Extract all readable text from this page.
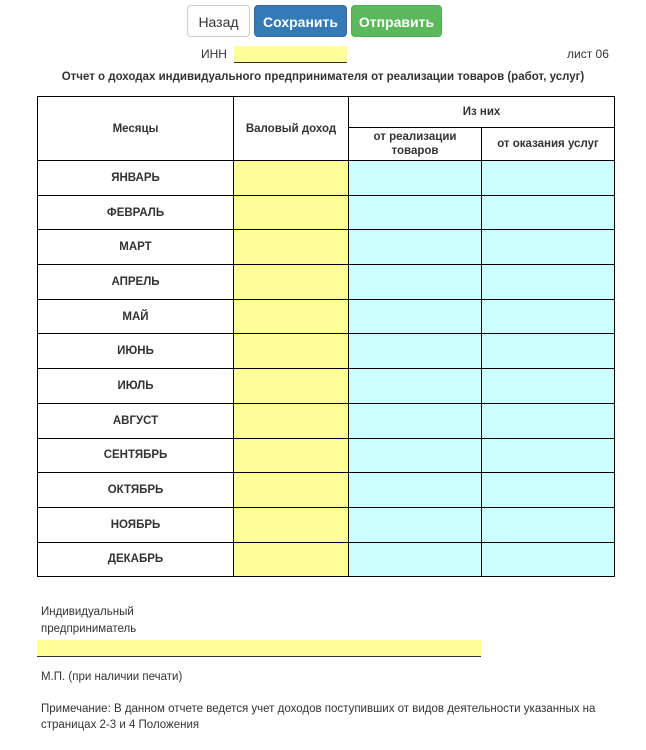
Назад	Сохранить	Отправить
ИНН	лист 06
Отчет о доходах индивидуального предпринимателя от реализации товаров (работ, услуг)
Месяцы	Валовый доход	Из них	
		от реализации товаров	от оказания услуг
ЯНВАРЬ	

ФЕВРАЛЬ	

МАРТ	

АПРЕЛЬ	

МАЙ	

ИЮНЬ	

ИЮЛЬ	

АВГУСТ	

СЕНТЯБРЬ	

ОКТЯБРЬ	

НОЯБРЬ	

ДЕКАБРЬ	

Индивидуальный предприниматель
М.П. (при наличии печати)
Примечание: В данном отчете ведется учет доходов поступивших от видов деятельности указанных на страницах 2-3 и 4 Положения
